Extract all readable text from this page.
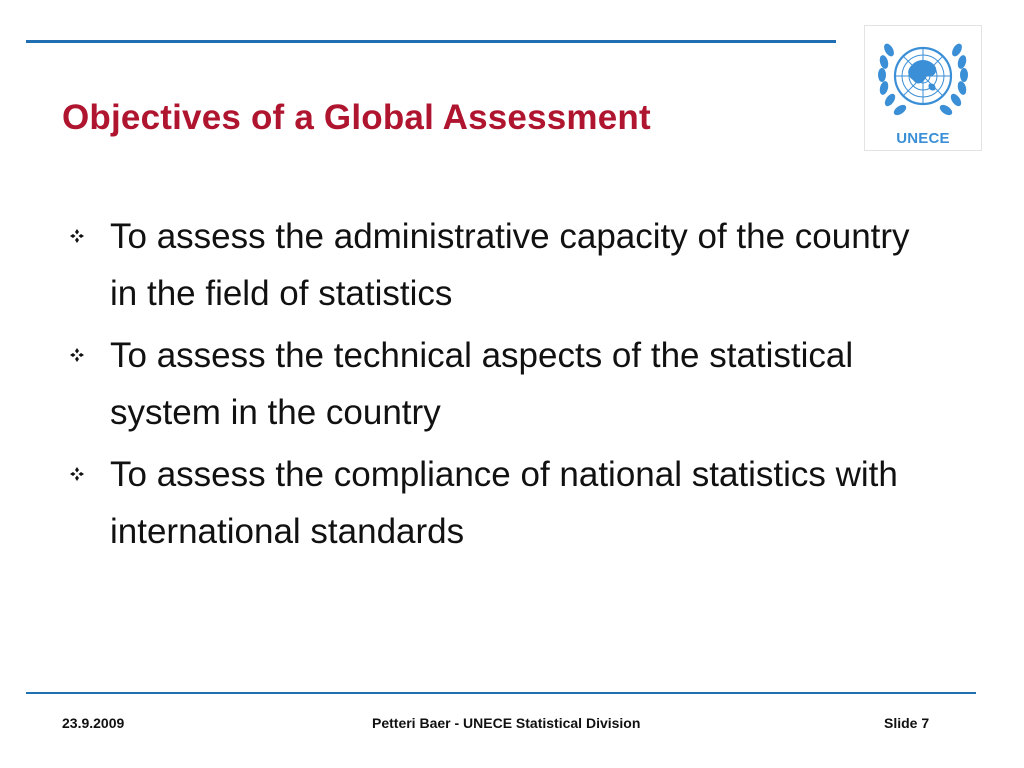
Objectives of a Global Assessment
UNECE
To assess the administrative capacity of the country in the field of statistics
To assess the technical aspects of the statistical system in the country
To assess the compliance of national statistics with international standards
23.9.2009	Petteri Baer - UNECE Statistical Division	Slide 7
